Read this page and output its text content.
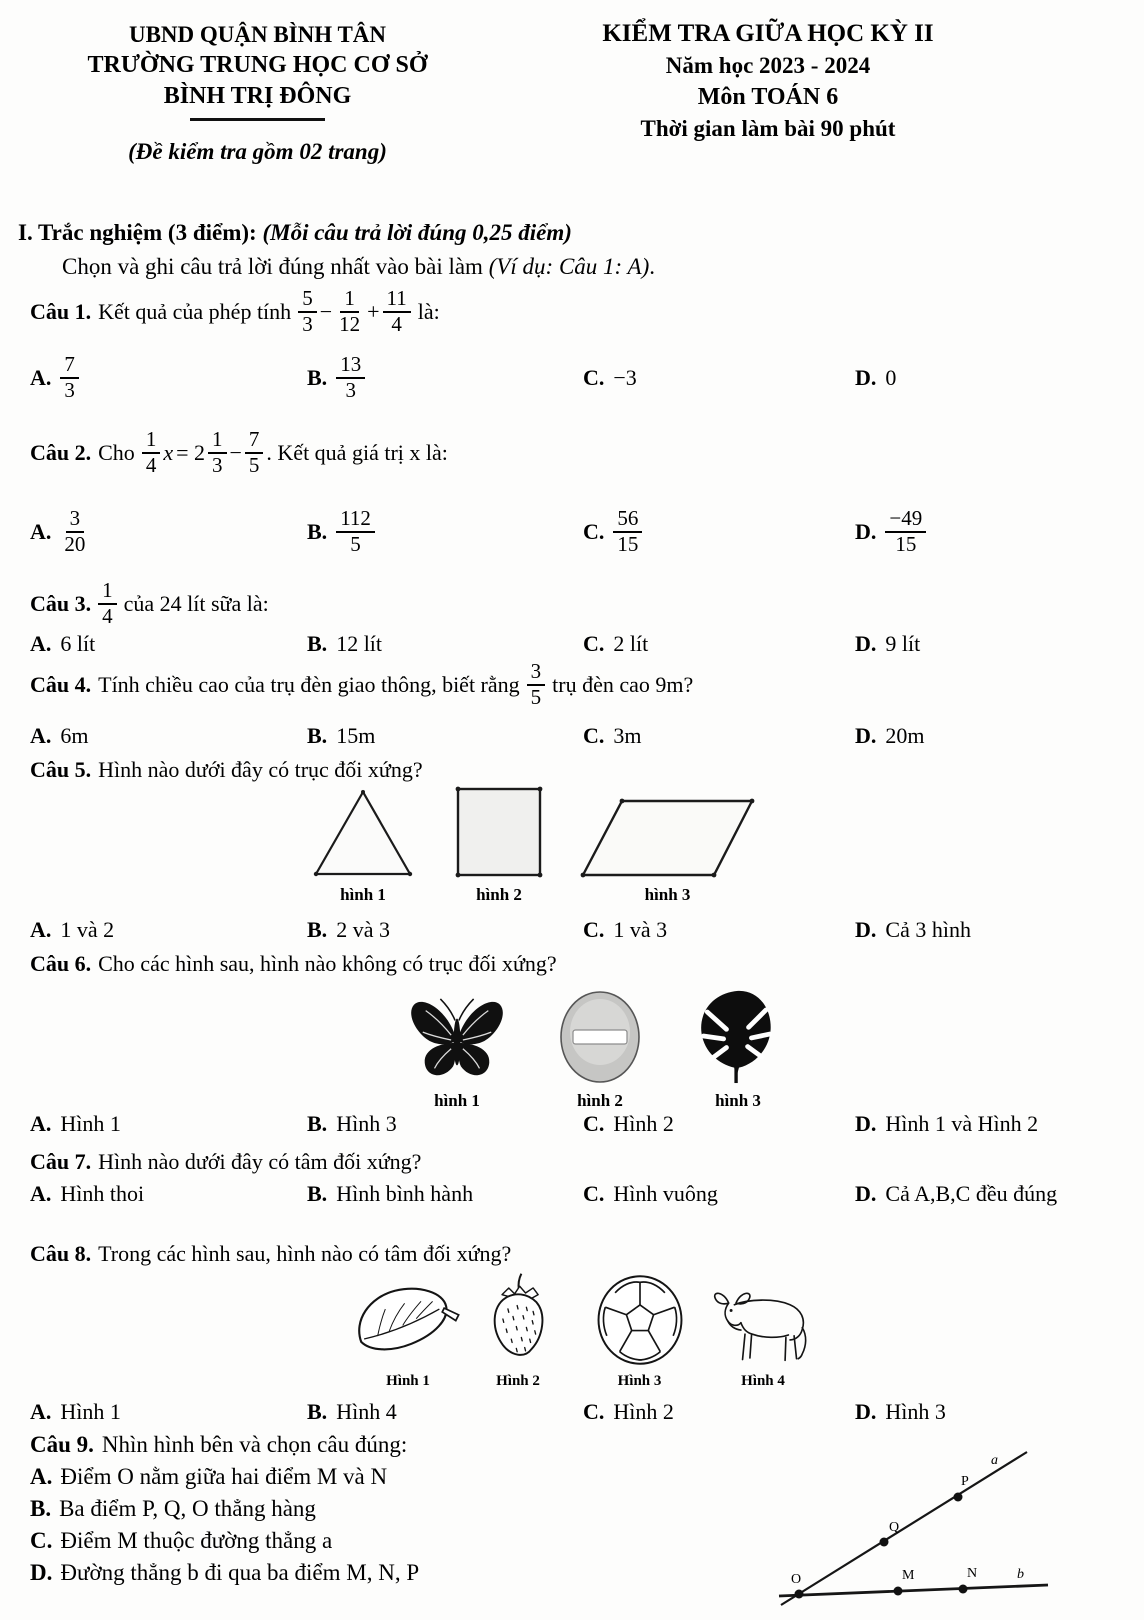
UBND QUẬN BÌNH TÂN
TRƯỜNG TRUNG HỌC CƠ SỞ
BÌNH TRỊ ĐÔNG
(Đề kiểm tra gồm 02 trang)
KIỂM TRA GIỮA HỌC KỲ II
Năm học 2023 - 2024
Môn TOÁN 6
Thời gian làm bài 90 phút
I. Trắc nghiệm (3 điểm): (Mỗi câu trả lời đúng 0,25 điểm)
Chọn và ghi câu trả lời đúng nhất vào bài làm (Ví dụ: Câu 1: A).
Câu 1. Kết quả của phép tính $\frac{5}{3} - \frac{1}{12} + \frac{11}{4}$ là:
A. $\frac{7}{3}$	B. $\frac{13}{3}$	C. −3	D. 0
Câu 2. Cho $\frac{1}{4}$ $x = 2 \frac{1}{3} - \frac{7}{5}$ . Kết quả giá trị x là:
A. $\frac{3}{20}$	B. $\frac{112}{5}$	C. $\frac{56}{15}$	D. $\frac{-49}{15}$
Câu 3. $\frac{1}{4}$ của 24 lít sữa là:
A. 6 lít	B. 12 lít	C. 2 lít	D. 9 lít
Câu 4. Tính chiều cao của trụ đèn giao thông, biết rằng $\frac{3}{5}$ trụ đèn cao 9m?
A. 6m	B. 15m	C. 3m	D. 20m
Câu 5. Hình nào dưới đây có trục đối xứng?
hình 1	hình 2	hình 3
A. 1 và 2	B. 2 và 3	C. 1 và 3	D. Cả 3 hình
Câu 6. Cho các hình sau, hình nào không có trục đối xứng?
hình 1	hình 2	hình 3
A. Hình 1	B. Hình 3	C. Hình 2	D. Hình 1 và Hình 2
Câu 7. Hình nào dưới đây có tâm đối xứng?
A. Hình thoi	B. Hình bình hành	C. Hình vuông	D. Cả A,B,C đều đúng
Câu 8. Trong các hình sau, hình nào có tâm đối xứng?
Hình 1	Hình 2	Hình 3	Hình 4
A. Hình 1	B. Hình 4	C. Hình 2	D. Hình 3
Câu 9. Nhìn hình bên và chọn câu đúng:
A. Điểm O nằm giữa hai điểm M và N
B. Ba điểm P, Q, O thẳng hàng
C. Điểm M thuộc đường thẳng a
D. Đường thẳng b đi qua ba điểm M, N, P	O
Q
P
M	N
a
b
